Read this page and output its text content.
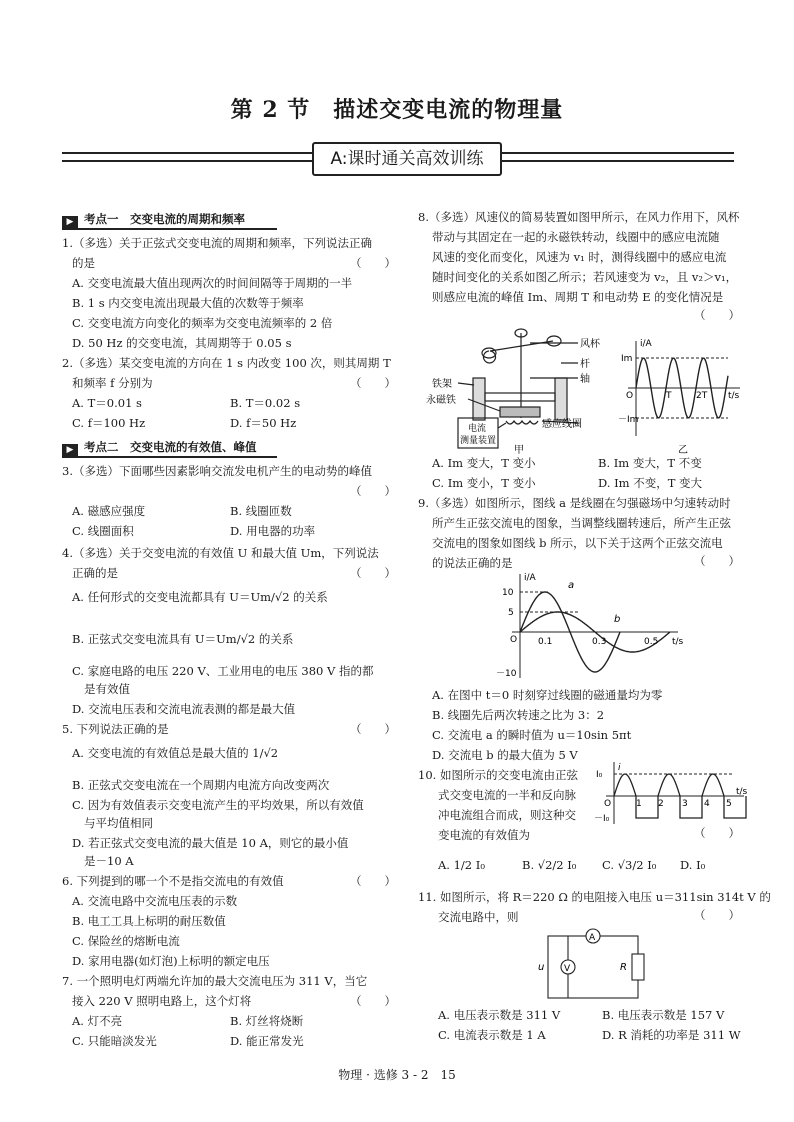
第 2 节　描述交变电流的物理量
A:课时通关高效训练
▶ 考点一　交变电流的周期和频率
1.（多选）关于正弦式交变电流的周期和频率，下列说法正确
的是	（　　）
A. 交变电流最大值出现两次的时间间隔等于周期的一半
B. 1 s 内交变电流出现最大值的次数等于频率
C. 交变电流方向变化的频率为交变电流频率的 2 倍
D. 50 Hz 的交变电流，其周期等于 0.05 s
2.（多选）某交变电流的方向在 1 s 内改变 100 次，则其周期 T
和频率 f 分别为	（　　）
A. T＝0.01 s	B. T＝0.02 s
C. f＝100 Hz	D. f＝50 Hz
▶ 考点二　交变电流的有效值、峰值
3.（多选）下面哪些因素影响交流发电机产生的电动势的峰值
（　　）
A. 磁感应强度	B. 线圈匝数
C. 线圈面积	D. 用电器的功率
4.（多选）关于交变电流的有效值 U 和最大值 Um，下列说法
正确的是	（　　）
A. 任何形式的交变电流都具有 U＝Um/√2 的关系
B. 正弦式交变电流具有 U＝Um/√2 的关系
C. 家庭电路的电压 220 V、工业用电的电压 380 V 指的都
是有效值
D. 交流电压表和交流电流表测的都是最大值
5. 下列说法正确的是	（　　）
A. 交变电流的有效值总是最大值的 1/√2
B. 正弦式交变电流在一个周期内电流方向改变两次
C. 因为有效值表示交变电流产生的平均效果，所以有效值
与平均值相同
D. 若正弦式交变电流的最大值是 10 A，则它的最小值
是－10 A
6. 下列提到的哪一个不是指交流电的有效值	（　　）
A. 交流电路中交流电压表的示数
B. 电工工具上标明的耐压数值
C. 保险丝的熔断电流
D. 家用电器(如灯泡)上标明的额定电压
7. 一个照明电灯两端允许加的最大交流电压为 311 V，当它
接入 220 V 照明电路上，这个灯将	（　　）
A. 灯不亮	B. 灯丝将烧断
C. 只能暗淡发光	D. 能正常发光
8.（多选）风速仪的简易装置如图甲所示，在风力作用下，风杯
带动与其固定在一起的永磁铁转动，线圈中的感应电流随
风速的变化而变化，风速为 v₁ 时，测得线圈中的感应电流
随时间变化的关系如图乙所示；若风速变为 v₂，且 v₂＞v₁，
则感应电流的峰值 Im、周期 T 和电动势 E 的变化情况是
（　　）
风杯
杆
轴
铁架
永磁铁
电流
测量装置
感应线圈
甲
i/A
Im
－Im
O	T	2T t/s
乙
A. Im 变大，T 变小	B. Im 变大，T 不变
C. Im 变小，T 变小	D. Im 不变，T 变大
9.（多选）如图所示，图线 a 是线圈在匀强磁场中匀速转动时
所产生正弦交流电的图象，当调整线圈转速后，所产生正弦
交流电的图象如图线 b 所示，以下关于这两个正弦交流电
的说法正确的是	（　　）
i/A
10
5
O
－10
0.1	0.3	0.5 t/s
a
b
A. 在图中 t＝0 时刻穿过线圈的磁通量均为零
B. 线圈先后两次转速之比为 3：2
C. 交流电 a 的瞬时值为 u＝10sin 5πt
D. 交流电 b 的最大值为 5 V
10. 如图所示的交变电流由正弦
式交变电流的一半和反向脉
冲电流组合而成，则这种交
变电流的有效值为	（　　）
i
I₀
－I₀
O	1 2 3 4 5
t/s
A. 1/2 I₀	B. √2/2 I₀ C. √3/2 I₀ D. I₀
11. 如图所示，将 R＝220 Ω 的电阻接入电压 u＝311sin 314t V 的
交流电路中，则	（　　）
A
V	R
u
A. 电压表示数是 311 V	B. 电压表示数是 157 V
C. 电流表示数是 1 A	D. R 消耗的功率是 311 W
物理 · 选修 3 - 2　15
